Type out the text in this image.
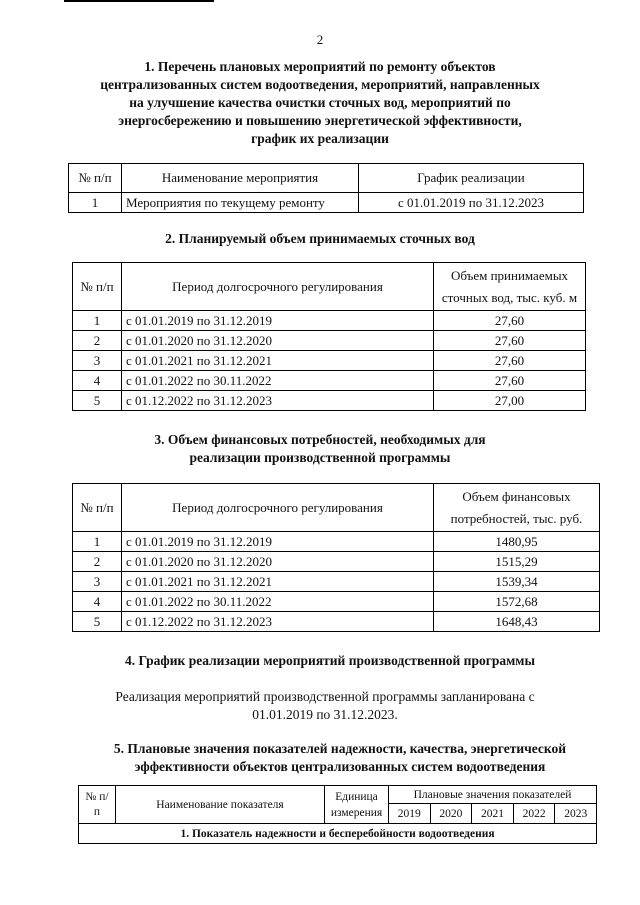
2
1. Перечень плановых мероприятий по ремонту объектов централизованных систем водоотведения, мероприятий, направленных на улучшение качества очистки сточных вод, мероприятий по энергосбережению и повышению энергетической эффективности, график их реализации
№ п/п	Наименование мероприятия	График реализации
1	Мероприятия по текущему ремонту	с 01.01.2019 по 31.12.2023
2. Планируемый объем принимаемых сточных вод
№ п/п	Период долгосрочного регулирования	Объем принимаемых сточных вод, тыс. куб. м
1	с 01.01.2019 по 31.12.2019	27,60
2	с 01.01.2020 по 31.12.2020	27,60
3	с 01.01.2021 по 31.12.2021	27,60
4	с 01.01.2022 по 30.11.2022	27,60
5	с 01.12.2022 по 31.12.2023	27,00
3. Объем финансовых потребностей, необходимых для реализации производственной программы
№ п/п	Период долгосрочного регулирования	Объем финансовых потребностей, тыс. руб.
1	с 01.01.2019 по 31.12.2019	1480,95
2	с 01.01.2020 по 31.12.2020	1515,29
3	с 01.01.2021 по 31.12.2021	1539,34
4	с 01.01.2022 по 30.11.2022	1572,68
5	с 01.12.2022 по 31.12.2023	1648,43
4. График реализации мероприятий производственной программы

Реализация мероприятий производственной программы запланирована с 01.01.2019 по 31.12.2023.

5. Плановые значения показателей надежности, качества, энергетической эффективности объектов централизованных систем водоотведения
№ п/п	Наименование показателя	Единица измерения	Плановые значения показателей				
			2019	2020	2021	2022	2023
1. Показатель надежности и бесперебойности водоотведения							
